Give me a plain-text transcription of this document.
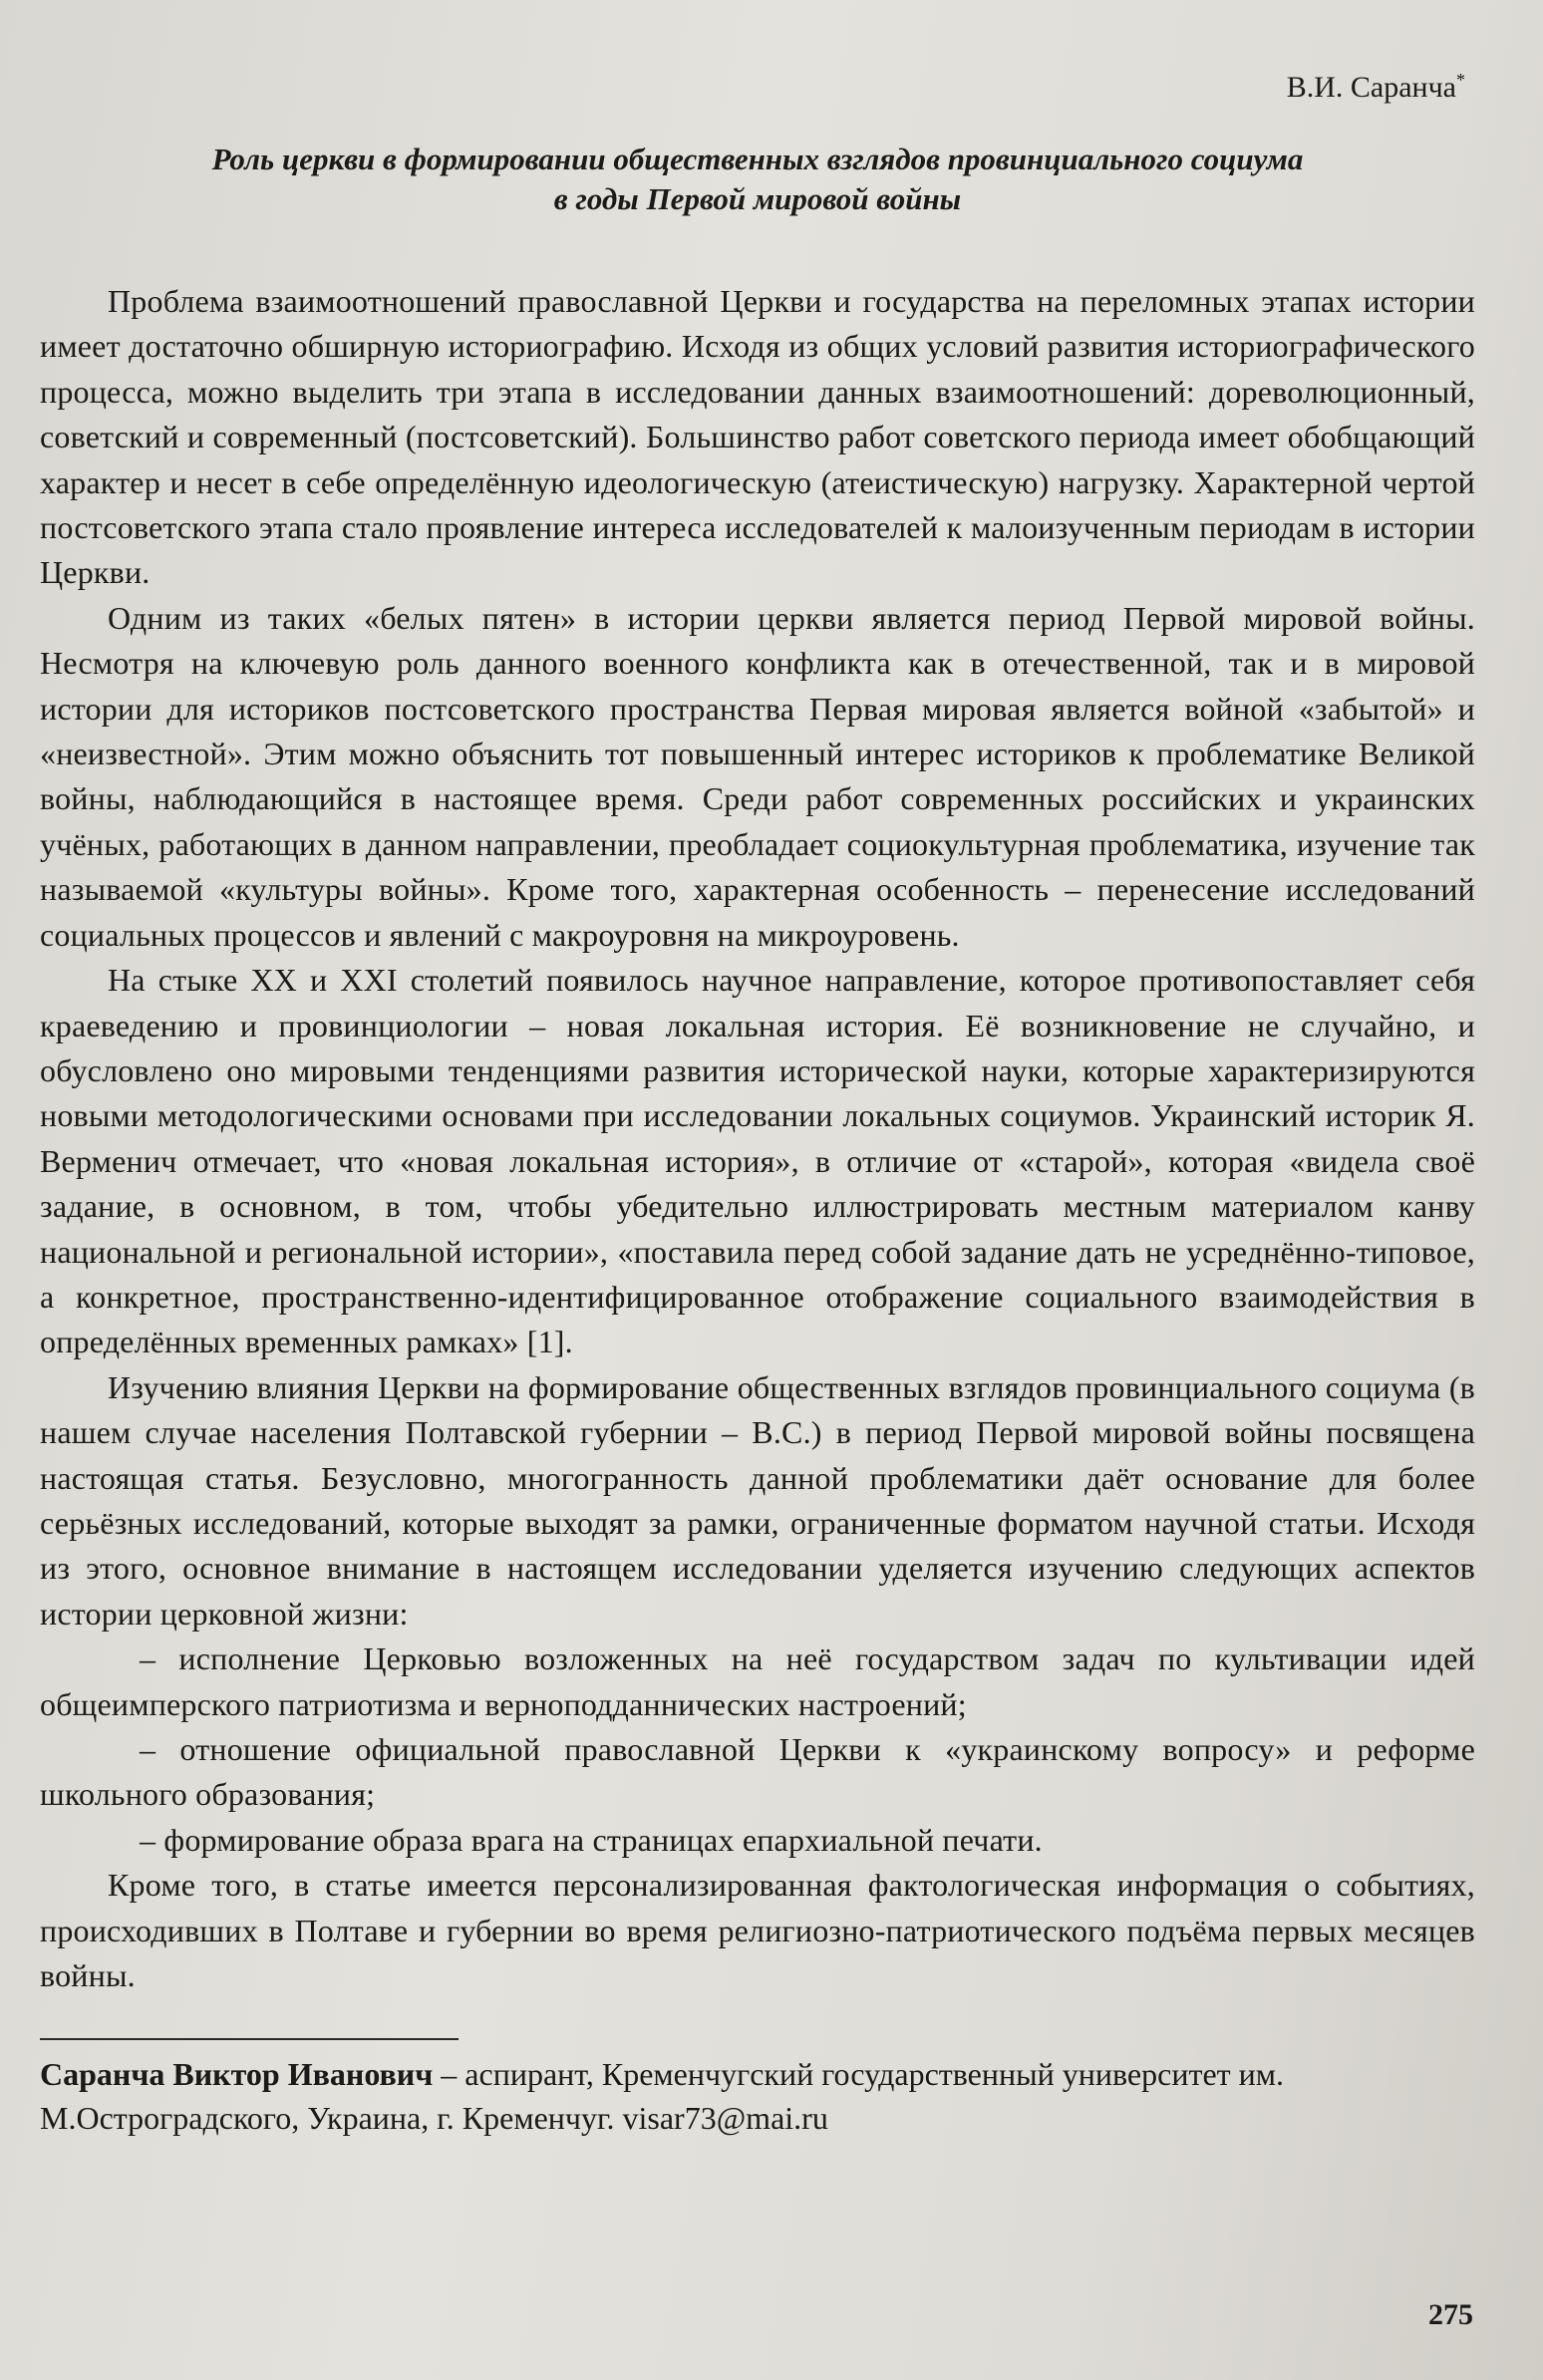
В.И. Саранча*
Роль церкви в формировании общественных взглядов провинциального социума
в годы Первой мировой войны

Проблема взаимоотношений православной Церкви и государства на переломных этапах истории имеет достаточно обширную историографию. Исходя из общих условий развития историографического процесса, можно выделить три этапа в исследовании данных взаимоотношений: дореволюционный, советский и современный (постсоветский). Большинство работ советского периода имеет обобщающий характер и несет в себе определённую идеологическую (атеистическую) нагрузку. Характерной чертой постсоветского этапа стало проявление интереса исследователей к малоизученным периодам в истории Церкви.

Одним из таких «белых пятен» в истории церкви является период Первой мировой войны. Несмотря на ключевую роль данного военного конфликта как в отечественной, так и в мировой истории для историков постсоветского пространства Первая мировая является войной «забытой» и «неизвестной». Этим можно объяснить тот повышенный интерес историков к проблематике Великой войны, наблюдающийся в настоящее время. Среди работ современных российских и украинских учёных, работающих в данном направлении, преобладает социокультурная проблематика, изучение так называемой «культуры войны». Кроме того, характерная особенность – перенесение исследований социальных процессов и явлений с макроуровня на микроуровень.

На стыке XX и XXI столетий появилось научное направление, которое противопоставляет себя краеведению и провинциологии – новая локальная история. Её возникновение не случайно, и обусловлено оно мировыми тенденциями развития исторической науки, которые характеризируются новыми методологическими основами при исследовании локальных социумов. Украинский историк Я. Верменич отмечает, что «новая локальная история», в отличие от «старой», которая «видела своё задание, в основном, в том, чтобы убедительно иллюстрировать местным материалом канву национальной и региональной истории», «поставила перед собой задание дать не усреднённо-типовое, а конкретное, пространственно-идентифицированное отображение социального взаимодействия в определённых временных рамках» [1].

Изучению влияния Церкви на формирование общественных взглядов провинциального социума (в нашем случае населения Полтавской губернии – В.С.) в период Первой мировой войны посвящена настоящая статья. Безусловно, многогранность данной проблематики даёт основание для более серьёзных исследований, которые выходят за рамки, ограниченные форматом научной статьи. Исходя из этого, основное внимание в настоящем исследовании уделяется изучению следующих аспектов истории церковной жизни:

– исполнение Церковью возложенных на неё государством задач по культивации идей общеимперского патриотизма и верноподданнических настроений;

– отношение официальной православной Церкви к «украинскому вопросу» и реформе школьного образования;

– формирование образа врага на страницах епархиальной печати.

Кроме того, в статье имеется персонализированная фактологическая информация о событиях, происходивших в Полтаве и губернии во время религиозно-патриотического подъёма первых месяцев войны.

Саранча Виктор Иванович – аспирант, Кременчугский государственный университет им. М.Остроградского, Украина, г. Кременчуг. visar73@mai.ru
275
